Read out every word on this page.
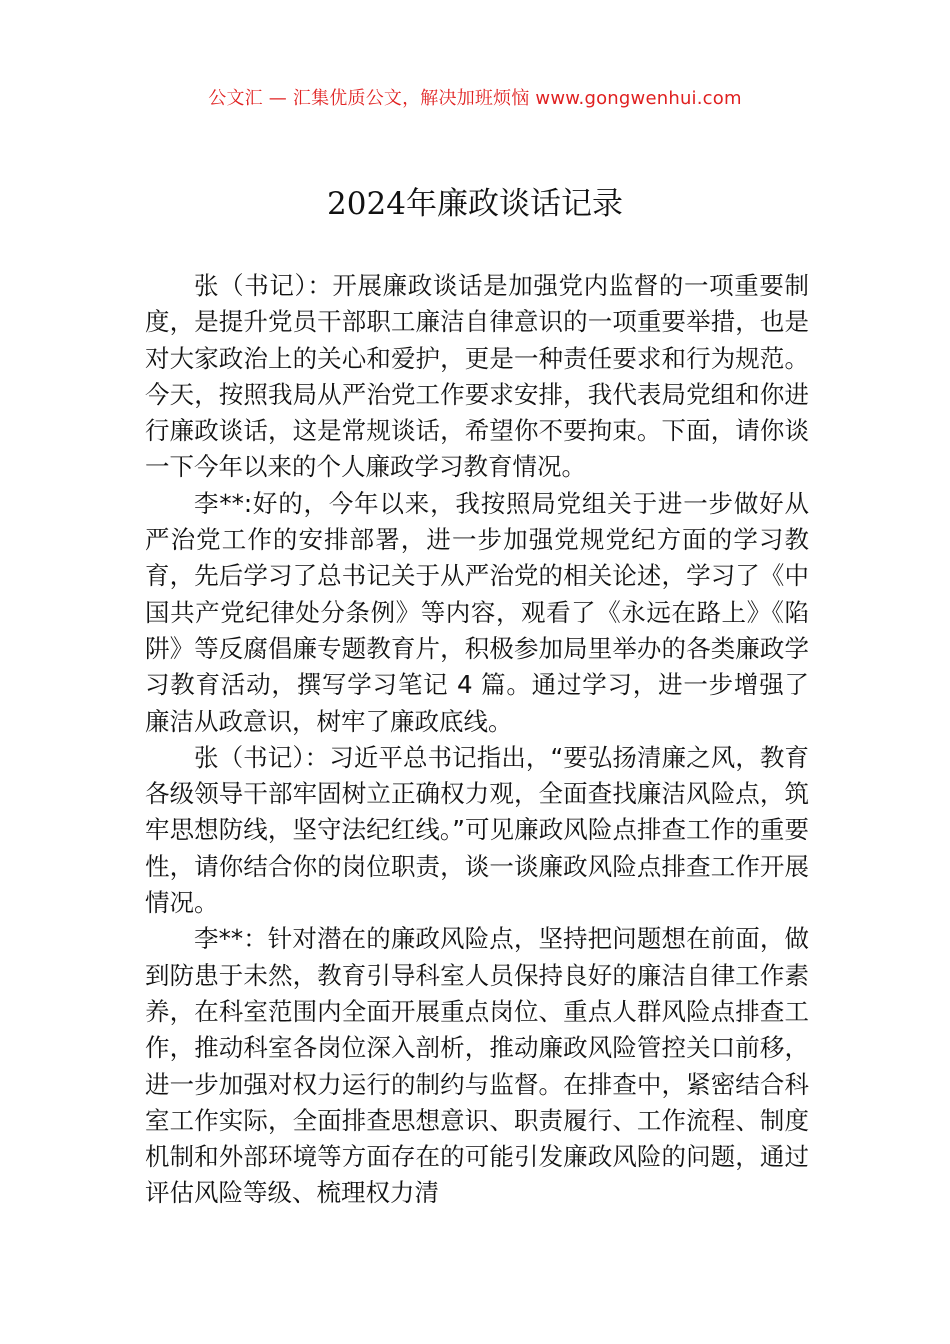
公文汇 — 汇集优质公文，解决加班烦恼 www.gongwenhui.com
2024年廉政谈话记录

张（书记）：开展廉政谈话是加强党内监督的一项重要制度，是提升党员干部职工廉洁自律意识的一项重要举措，也是对大家政治上的关心和爱护，更是一种责任要求和行为规范。今天，按照我局从严治党工作要求安排，我代表局党组和你进行廉政谈话，这是常规谈话，希望你不要拘束。下面，请你谈一下今年以来的个人廉政学习教育情况。

李**:好的，今年以来，我按照局党组关于进一步做好从严治党工作的安排部署，进一步加强党规党纪方面的学习教育，先后学习了总书记关于从严治党的相关论述，学习了《中国共产党纪律处分条例》等内容，观看了《永远在路上》《陷阱》等反腐倡廉专题教育片，积极参加局里举办的各类廉政学习教育活动，撰写学习笔记 4 篇。通过学习，进一步增强了廉洁从政意识，树牢了廉政底线。

张（书记）：习近平总书记指出，“要弘扬清廉之风，教育各级领导干部牢固树立正确权力观，全面查找廉洁风险点，筑牢思想防线，坚守法纪红线。”可见廉政风险点排查工作的重要性，请你结合你的岗位职责，谈一谈廉政风险点排查工作开展情况。

李**：针对潜在的廉政风险点，坚持把问题想在前面，做到防患于未然，教育引导科室人员保持良好的廉洁自律工作素养，在科室范围内全面开展重点岗位、重点人群风险点排查工作，推动科室各岗位深入剖析，推动廉政风险管控关口前移，进一步加强对权力运行的制约与监督。在排查中，紧密结合科室工作实际，全面排查思想意识、职责履行、工作流程、制度机制和外部环境等方面存在的可能引发廉政风险的问题，通过评估风险等级、梳理权力清
